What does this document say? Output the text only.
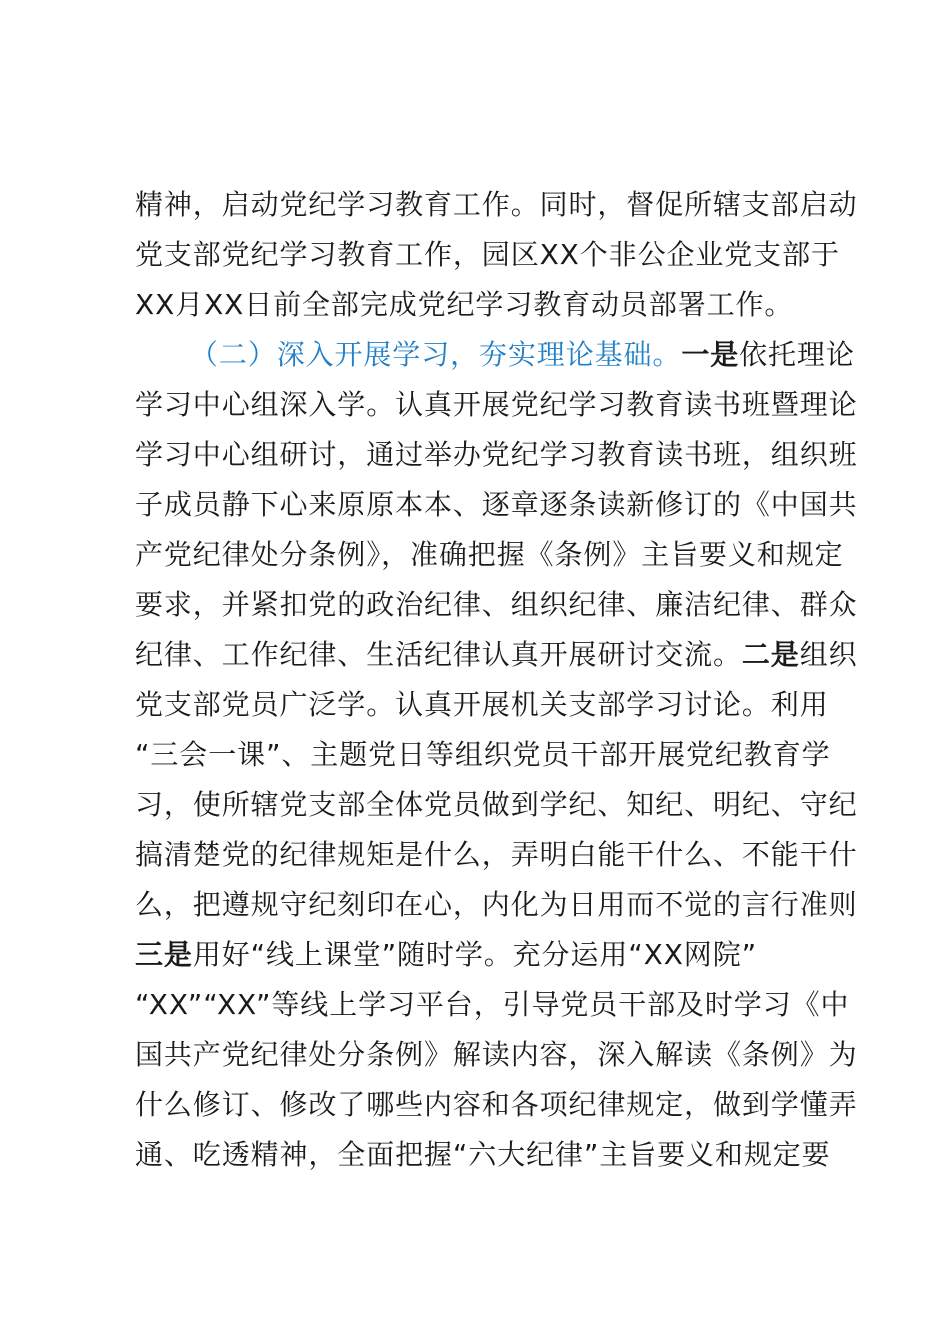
精神，启动党纪学习教育工作。同时，督促所辖支部启动
党支部党纪学习教育工作，园区XX个非公企业党支部于
XX月XX日前全部完成党纪学习教育动员部署工作。
（二）深入开展学习，夯实理论基础。一是依托理论
学习中心组深入学。认真开展党纪学习教育读书班暨理论
学习中心组研讨，通过举办党纪学习教育读书班，组织班
子成员静下心来原原本本、逐章逐条读新修订的《中国共
产党纪律处分条例》，准确把握《条例》主旨要义和规定
要求，并紧扣党的政治纪律、组织纪律、廉洁纪律、群众
纪律、工作纪律、生活纪律认真开展研讨交流。二是组织
党支部党员广泛学。认真开展机关支部学习讨论。利用
“三会一课”、主题党日等组织党员干部开展党纪教育学
习，使所辖党支部全体党员做到学纪、知纪、明纪、守纪
搞清楚党的纪律规矩是什么，弄明白能干什么、不能干什
么，把遵规守纪刻印在心，内化为日用而不觉的言行准则
三是用好“线上课堂”随时学。充分运用“XX网院”
“XX”“XX”等线上学习平台，引导党员干部及时学习《中
国共产党纪律处分条例》解读内容，深入解读《条例》为
什么修订、修改了哪些内容和各项纪律规定，做到学懂弄
通、吃透精神，全面把握“六大纪律”主旨要义和规定要
